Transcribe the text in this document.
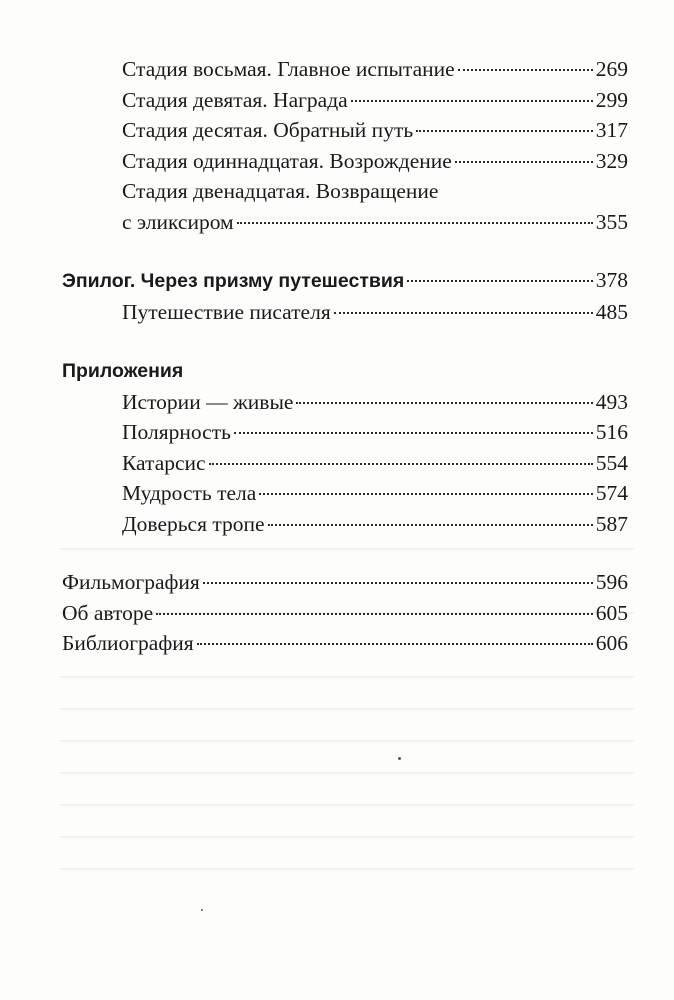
Стадия восьмая. Главное испытание	269
Стадия девятая. Награда	299
Стадия десятая. Обратный путь	317
Стадия одиннадцатая. Возрождение	329
Стадия двенадцатая. Возвращение
с эликсиром	355
Эпилог. Через призму путешествия	378
Путешествие писателя	485
Приложения
Истории — живые	493
Полярность	516
Катарсис	554
Мудрость тела	574
Доверься тропе	587
Фильмография	596
Об авторе	605
Библиография	606
